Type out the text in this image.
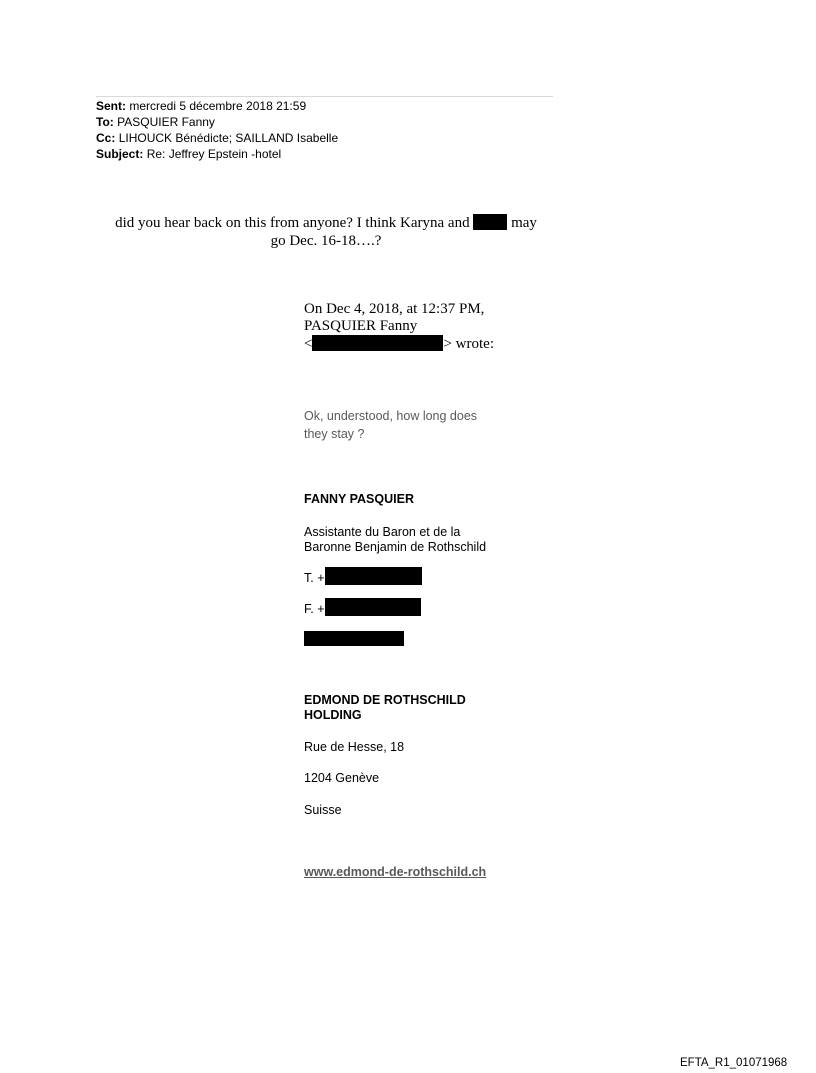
Sent: mercredi 5 décembre 2018 21:59
To: PASQUIER Fanny
Cc: LIHOUCK Bénédicte; SAILLAND Isabelle
Subject: Re: Jeffrey Epstein -hotel
did you hear back on this from anyone? I think Karyna and	may
go Dec. 16-18….?
On Dec 4, 2018, at 12:37 PM,
PASQUIER Fanny
<	> wrote:
Ok, understood, how long does they stay ?
FANNY PASQUIER
Assistante du Baron et de la
Baronne Benjamin de Rothschild
T. +
F. +
EDMOND DE ROTHSCHILD
HOLDING
Rue de Hesse, 18
1204 Genève
Suisse
www.edmond-de-rothschild.ch
EFTA_R1_01071968
